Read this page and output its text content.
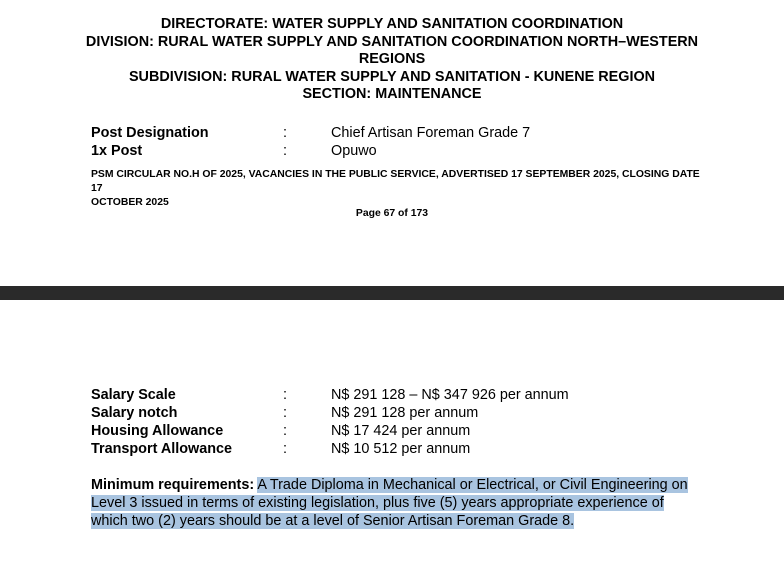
DIRECTORATE: WATER SUPPLY AND SANITATION COORDINATION
DIVISION: RURAL WATER SUPPLY AND SANITATION COORDINATION NORTH–WESTERN
REGIONS
SUBDIVISION: RURAL WATER SUPPLY AND SANITATION - KUNENE REGION
SECTION: MAINTENANCE
Post Designation	:	Chief Artisan Foreman Grade 7
1x Post	:	Opuwo
PSM CIRCULAR NO.H OF 2025, VACANCIES IN THE PUBLIC SERVICE, ADVERTISED 17 SEPTEMBER 2025, CLOSING DATE 17
OCTOBER 2025
Page 67 of 173
Salary Scale	:	N$ 291 128 – N$ 347 926 per annum
Salary notch	:	N$ 291 128 per annum
Housing Allowance	:	N$ 17 424 per annum
Transport Allowance	:	N$ 10 512 per annum
Minimum requirements: A Trade Diploma in Mechanical or Electrical, or Civil Engineering on Level 3 issued in terms of existing legislation, plus five (5) years appropriate experience of which two (2) years should be at a level of Senior Artisan Foreman Grade 8.
